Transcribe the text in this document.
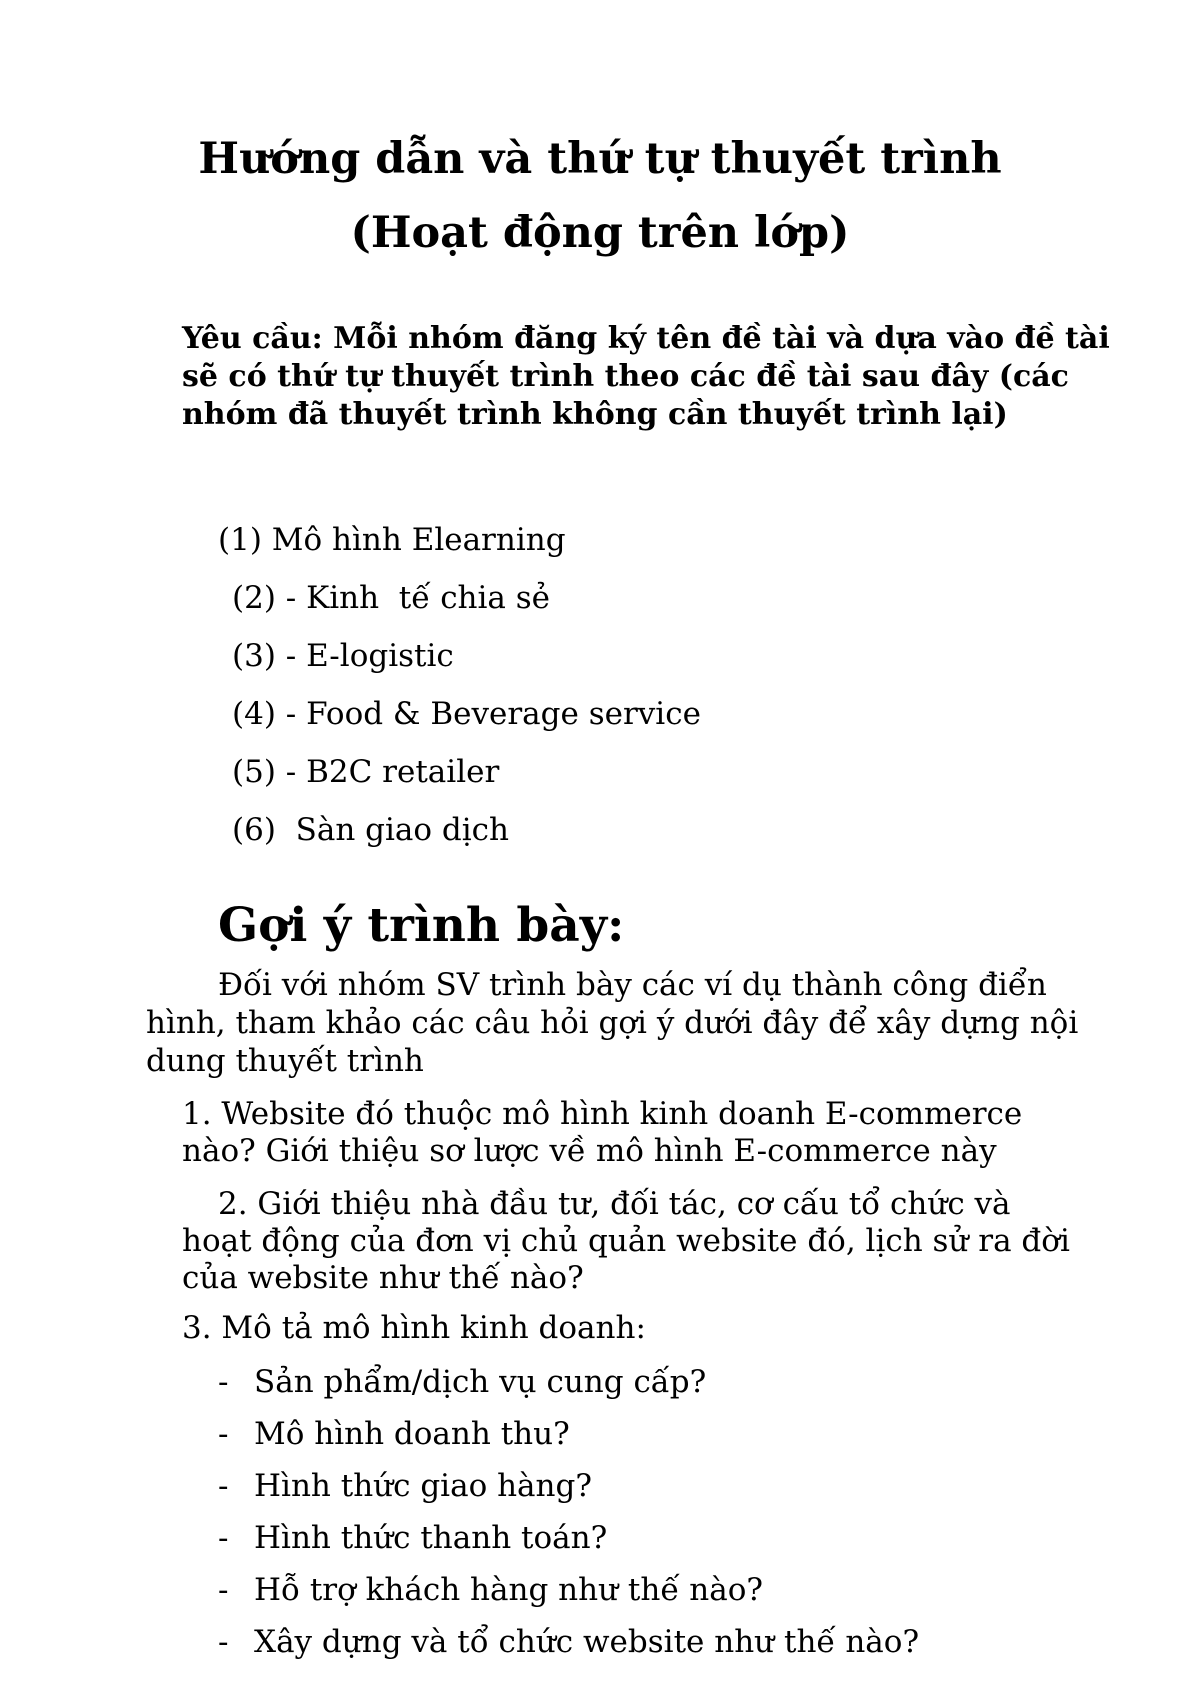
Hướng dẫn và thứ tự thuyết trình
(Hoạt động trên lớp)

Yêu cầu: Mỗi nhóm đăng ký tên đề tài và dựa vào đề tài sẽ có thứ tự thuyết trình theo các đề tài sau đây (các nhóm đã thuyết trình không cần thuyết trình lại)

(1) Mô hình Elearning
(2) - Kinh  tế chia sẻ
(3) - E-logistic
(4) - Food & Beverage service
(5) - B2C retailer
(6)  Sàn giao dịch
Gợi ý trình bày:

Đối với nhóm SV trình bày các ví dụ thành công điển hình, tham khảo các câu hỏi gợi ý dưới đây để xây dựng nội dung thuyết trình

1. Website đó thuộc mô hình kinh doanh E-commerce nào? Giới thiệu sơ lược về mô hình E-commerce này

2. Giới thiệu nhà đầu tư, đối tác, cơ cấu tổ chức và hoạt động của đơn vị chủ quản website đó, lịch sử ra đời của website như thế nào?

3. Mô tả mô hình kinh doanh:

- Sản phẩm/dịch vụ cung cấp?
- Mô hình doanh thu?
- Hình thức giao hàng?
- Hình thức thanh toán?
- Hỗ trợ khách hàng như thế nào?
- Xây dựng và tổ chức website như thế nào?
